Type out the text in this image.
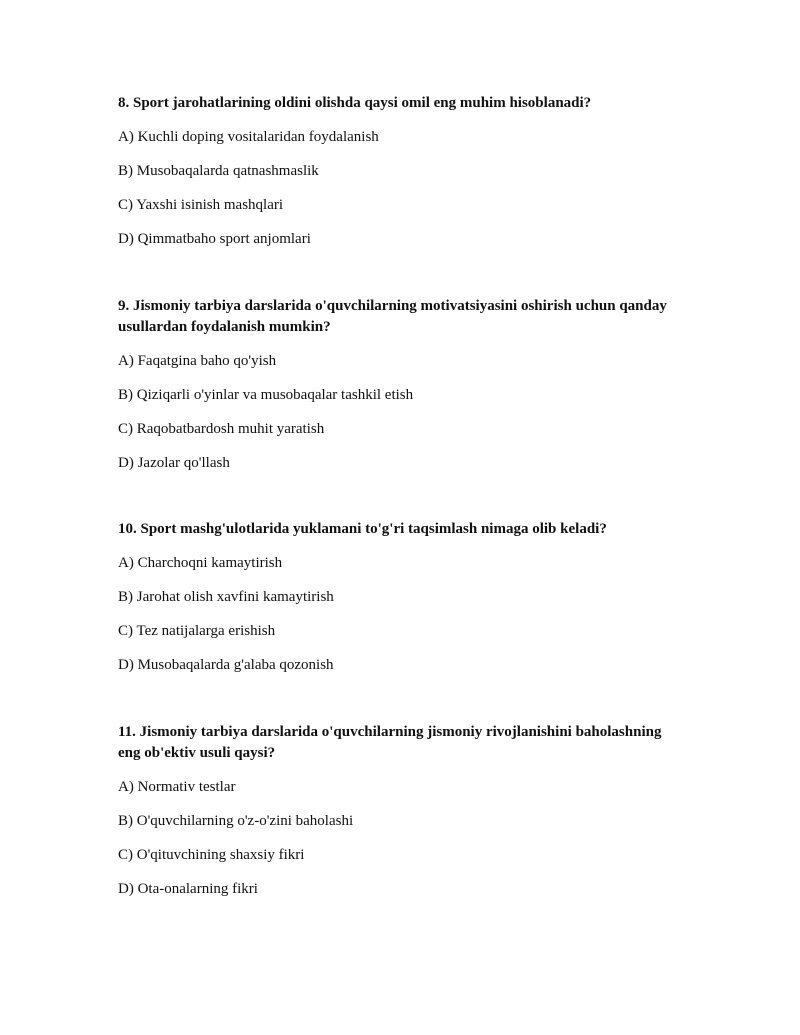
8. Sport jarohatlarining oldini olishda qaysi omil eng muhim hisoblanadi?
A) Kuchli doping vositalaridan foydalanish
B) Musobaqalarda qatnashmaslik
C) Yaxshi isinish mashqlari
D) Qimmatbaho sport anjomlari
9. Jismoniy tarbiya darslarida o'quvchilarning motivatsiyasini oshirish uchun qanday usullardan foydalanish mumkin?
A) Faqatgina baho qo'yish
B) Qiziqarli o'yinlar va musobaqalar tashkil etish
C) Raqobatbardosh muhit yaratish
D) Jazolar qo'llash
10. Sport mashg'ulotlarida yuklamani to'g'ri taqsimlash nimaga olib keladi?
A) Charchoqni kamaytirish
B) Jarohat olish xavfini kamaytirish
C) Tez natijalarga erishish
D) Musobaqalarda g'alaba qozonish
11. Jismoniy tarbiya darslarida o'quvchilarning jismoniy rivojlanishini baholashning eng ob'ektiv usuli qaysi?
A) Normativ testlar
B) O'quvchilarning o'z-o'zini baholashi
C) O'qituvchining shaxsiy fikri
D) Ota-onalarning fikri
